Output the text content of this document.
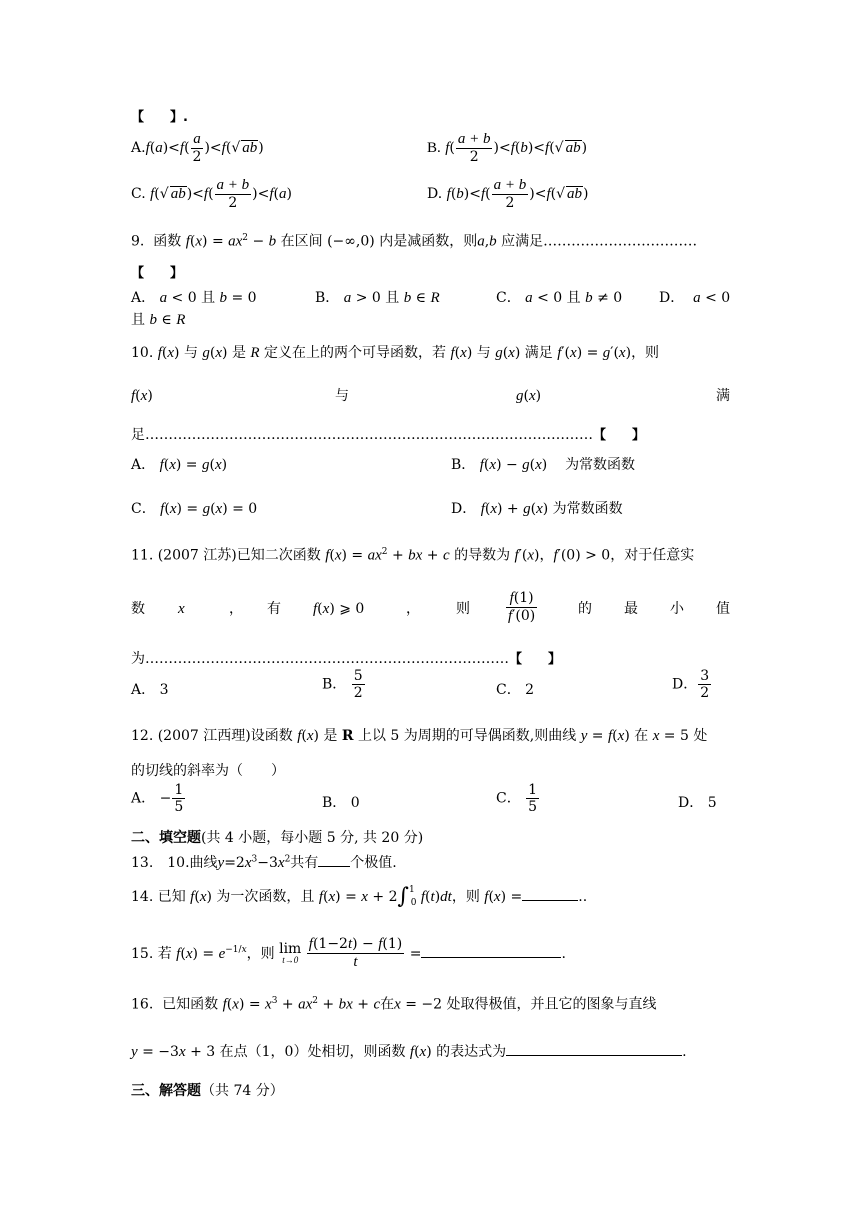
【　　】.
$A.f(a)<f( \frac{a}{2} )<f(√$ ab)	B. $f( \frac{a + b}{2} )<f(b)<f(√$ ab)
C. f(√ $ab)<f( \frac{a + b}{2} )<f(a)$	D. $f(b)<f( \frac{a + b}{2} )<f(√$ ab)
9. 函数 $f(x) = ax^2 - b$ 在区间 (−∞,0) 内是减函数，则a,b 应满足……………………………
【　　】
A． a < 0 且 b = 0	B． a > 0 且 b ∈ R	C． a < 0 且 b ≠ 0	D． a < 0
且 b ∈ R
10. f(x) 与 g(x) 是 R 定义在上的两个可导函数，若 f(x) 与 g(x) 满足 f′(x) = g′(x)，则
f(x)	与	g(x)	满
足……………………………………………………………………………………【　　】
A． f(x) = g(x)	B． f(x) − g(x)    为常数函数
C． f(x) = g(x) = 0	D． f(x) + g(x) 为常数函数
11. (2007 江苏)已知二次函数 $f(x) = ax^2$ + bx + c 的导数为 f′(x)，f′(0) > 0，对于任意实
数 x	， 有 f(x) ⩾ 0	，	则 $\frac{f(1)}{f'(0)}$	的 最 小 值
为……………………………………………………………………【　　】
A． 3	B． $\frac{5}{2}$	C． 2	D． $\frac{3}{2}$
12. (2007 江西理)设函数 f(x) 是 R 上以 5 为周期的可导偶函数,则曲线 y = f(x) 在 x = 5 处
的切线的斜率为（　　）
A． − $\frac{1}{5}$	B． 0	C． $\frac{1}{5}$	D． 5
二、填空题(共 4 小题，每小题 5 分, 共 20 分)
13.　10.曲线$y=2x^3-3x^2$共有 个极值.
14. 已知 f(x) 为一次函数，且 f(x) = x + 2∫$^1_0$ f(t)dt，则 f(x) =	..
15. 若 $f(x) = e^{-1/x}$，则 lim
t→0
$\frac{f(1-2t) - f(1)}{t}$ =	.
16. 已知函数 $f(x) = x^3 + ax^2$ + bx + c在x = −2 处取得极值，并且它的图象与直线
y = −3x + 3 在点（1，0）处相切，则函数 f(x) 的表达式为	.
三、解答题（共 74 分）
